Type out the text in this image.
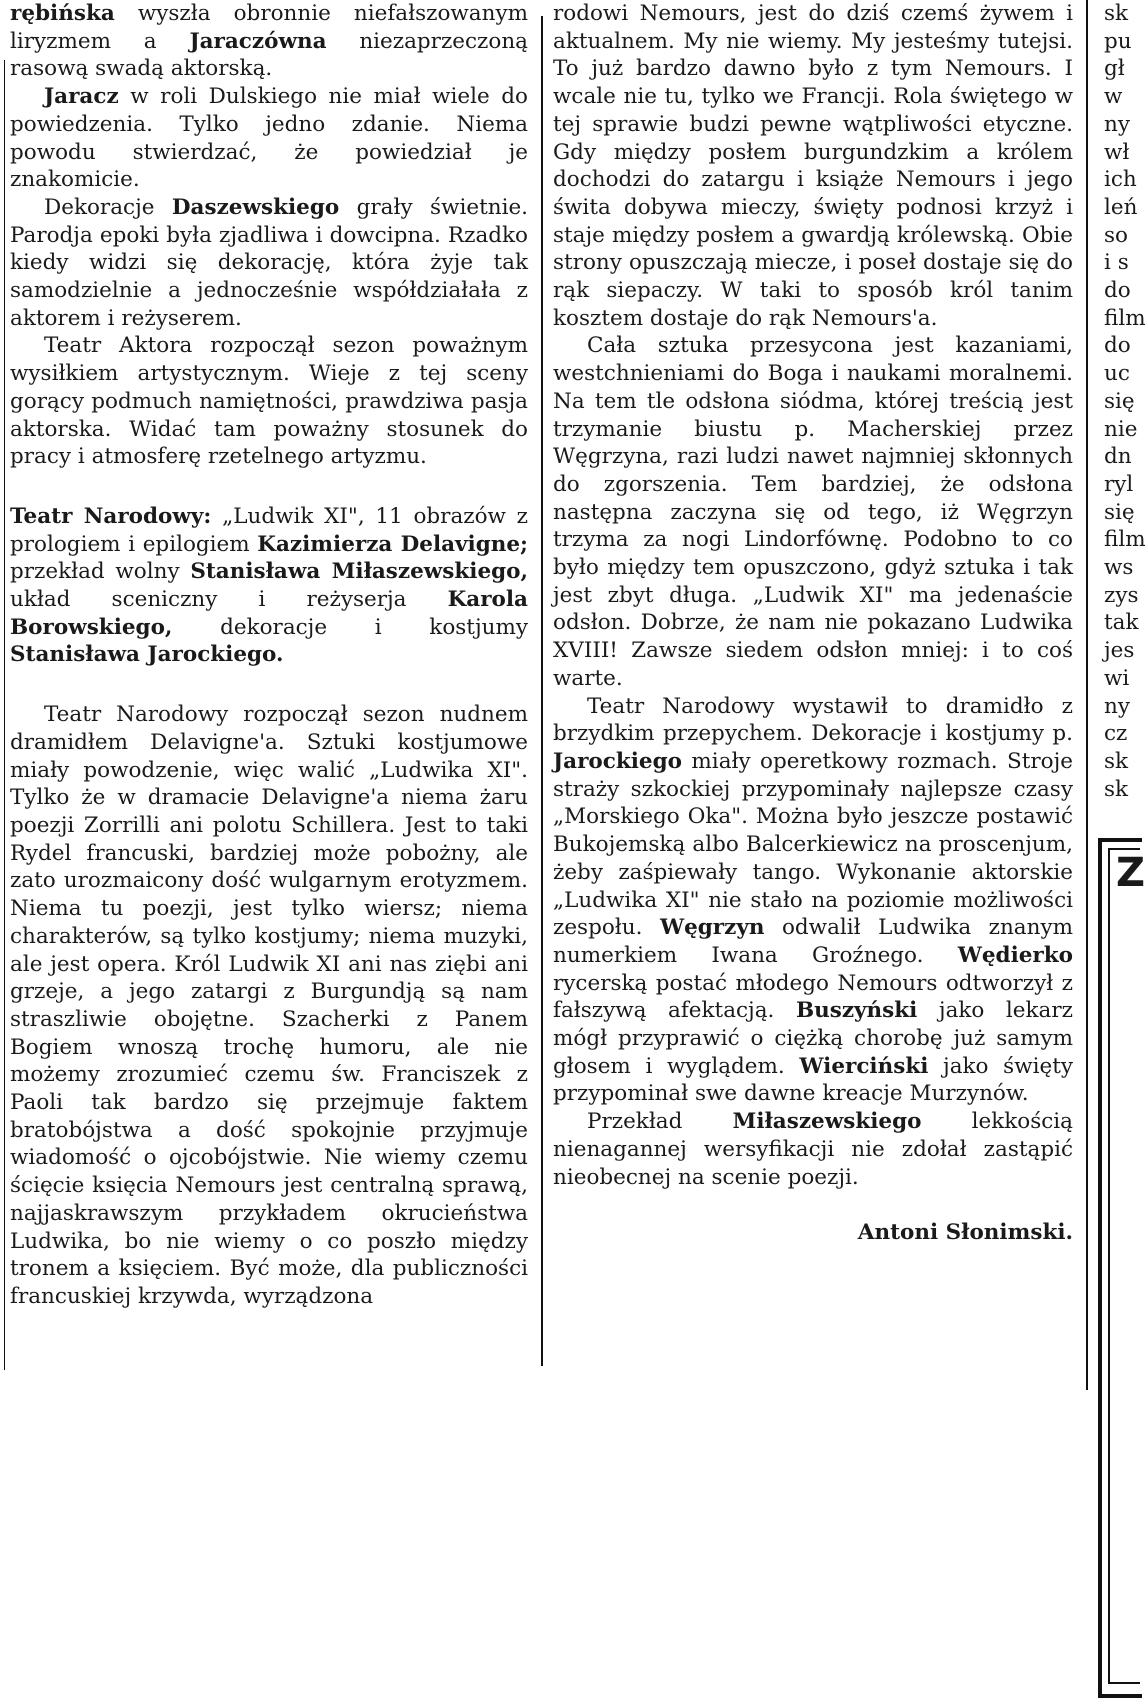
rębińska wyszła obronnie niefałszowanym liryzmem a Jaraczówna niezaprzeczoną rasową swadą aktorską.

Jaracz w roli Dulskiego nie miał wiele do powiedzenia. Tylko jedno zdanie. Niema powodu stwierdzać, że powiedział je znakomicie.

Dekoracje Daszewskiego grały świetnie. Parodja epoki była zjadliwa i dowcipna. Rzadko kiedy widzi się dekorację, która żyje tak samodzielnie a jednocześnie współdziałała z aktorem i reżyserem.

Teatr Aktora rozpoczął sezon poważnym wysiłkiem artystycznym. Wieje z tej sceny gorący podmuch namiętności, prawdziwa pasja aktorska. Widać tam poważny stosunek do pracy i atmosferę rzetelnego artyzmu.

Teatr Narodowy: „Ludwik XI", 11 obrazów z prologiem i epilogiem Kazimierza Delavigne; przekład wolny Stanisława Miłaszewskiego, układ sceniczny i reżyserja Karola Borowskiego, dekoracje i kostjumy Stanisława Jarockiego.

Teatr Narodowy rozpoczął sezon nudnem dramidłem Delavigne'a. Sztuki kostjumowe miały powodzenie, więc walić „Ludwika XI". Tylko że w dramacie Delavigne'a niema żaru poezji Zorrilli ani polotu Schillera. Jest to taki Rydel francuski, bardziej może pobożny, ale zato urozmaicony dość wulgarnym erotyzmem. Niema tu poezji, jest tylko wiersz; niema charakterów, są tylko kostjumy; niema muzyki, ale jest opera. Król Ludwik XI ani nas ziębi ani grzeje, a jego zatargi z Burgundją są nam straszliwie obojętne. Szacherki z Panem Bogiem wnoszą trochę humoru, ale nie możemy zrozumieć czemu św. Franciszek z Paoli tak bardzo się przejmuje faktem bratobójstwa a dość spokojnie przyjmuje wiadomość o ojcobójstwie. Nie wiemy czemu ścięcie księcia Nemours jest centralną sprawą, najjaskrawszym przykładem okrucieństwa Ludwika, bo nie wiemy o co poszło między tronem a księciem. Być może, dla publiczności francuskiej krzywda, wyrządzona

rodowi Nemours, jest do dziś czemś żywem i aktualnem. My nie wiemy. My jesteśmy tutejsi. To już bardzo dawno było z tym Nemours. I wcale nie tu, tylko we Francji. Rola świętego w tej sprawie budzi pewne wątpliwości etyczne. Gdy między posłem burgundzkim a królem dochodzi do zatargu i książe Nemours i jego świta dobywa mieczy, święty podnosi krzyż i staje między posłem a gwardją królewską. Obie strony opuszczają miecze, i poseł dostaje się do rąk siepaczy. W taki to sposób król tanim kosztem dostaje do rąk Nemours'a.

Cała sztuka przesycona jest kazaniami, westchnieniami do Boga i naukami moralnemi. Na tem tle odsłona siódma, której treścią jest trzymanie biustu p. Macherskiej przez Węgrzyna, razi ludzi nawet najmniej skłonnych do zgorszenia. Tem bardziej, że odsłona następna zaczyna się od tego, iż Węgrzyn trzyma za nogi Lindorfównę. Podobno to co było między tem opuszczono, gdyż sztuka i tak jest zbyt długa. „Ludwik XI" ma jedenaście odsłon. Dobrze, że nam nie pokazano Ludwika XVIII! Zawsze siedem odsłon mniej: i to coś warte.

Teatr Narodowy wystawił to dramidło z brzydkim przepychem. Dekoracje i kostjumy p. Jarockiego miały operetkowy rozmach. Stroje straży szkockiej przypominały najlepsze czasy „Morskiego Oka". Można było jeszcze postawić Bukojemską albo Balcerkiewicz na proscenjum, żeby zaśpiewały tango. Wykonanie aktorskie „Ludwika XI" nie stało na poziomie możliwości zespołu. Węgrzyn odwalił Ludwika znanym numerkiem Iwana Groźnego. Wędierko rycerską postać młodego Nemours odtworzył z fałszywą afektacją. Buszyński jako lekarz mógł przyprawić o ciężką chorobę już samym głosem i wyglądem. Wierciński jako święty przypominał swe dawne kreacje Murzynów.

Przekład Miłaszewskiego lekkością nienagannej wersyfikacji nie zdołał zastąpić nieobecnej na scenie poezji.

Antoni Słonimski.

sk
pu
gł
w
ny
wł
ich
leń
so
i s
do
film
do
uc
się
nie
dn
ryl
się
film
ws
zys
tak
jes
wi
ny
cz
sk
sk
Z
